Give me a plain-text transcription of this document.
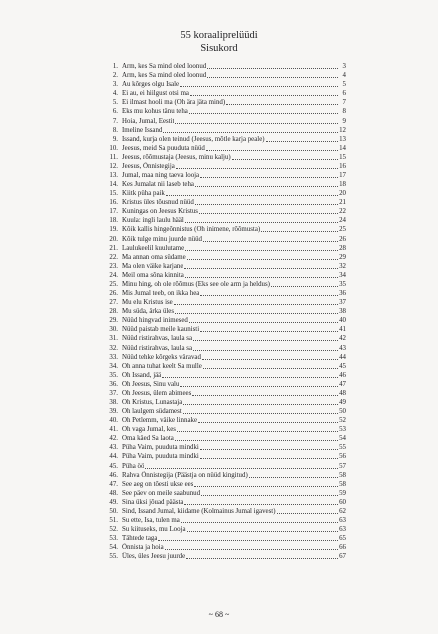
55 koraaliprelüüdi
Sisukord
1. Arm, kes Sa mind oled loonud	3
2. Arm, kes Sa mind oled loonud	4
3. Au kõrges olgu Isale	5
4. Ei au, ei hiilgust otsi ma	6
5. Ei ilmast hooli ma (Oh ära jäta mind)	7
6. Eks mu kohus tänu teha	8
7. Hoia, Jumal, Eestit	9
8. Imeline Issand	12
9. Issand, kurja olen teinud (Jeesus, mõtle karja peale)	13
10. Jeesus, meid Sa puuduta nüüd	14
11. Jeesus, rõõmustaja (Jeesus, minu kalju)	15
12. Jeesus, Õnnistegija	16
13. Jumal, maa ning taeva looja	17
14. Kes Jumalat nii laseb teha	18
15. Kiitk püha paik	20
16. Kristus üles tõusnud nüüd	21
17. Kuningas on Jeesus Kristus	22
18. Kuula: ingli laulu hääl	24
19. Kõik kallis hingeõnnistus (Oh inimene, rõõmusta)	25
20. Kõik tulge minu juurde nüüd	26
21. Laulukeelil kuulutame	28
22. Ma annan oma südame	29
23. Ma olen väike karjane	32
24. Meil oma sõna kinnita	34
25. Minu hing, oh ole rõõmus (Eks see ole arm ja heldus)	35
26. Mis Jumal teeb, on ikka hea	36
27. Mu elu Kristus ise	37
28. Mu süda, ärka üles	38
29. Nüüd hingvad inimesed	40
30. Nüüd paistab meile kaunisti	41
31. Nüüd ristirahvas, laula sa	42
32. Nüüd ristirahvas, laula sa	43
33. Nüüd tehke kõrgeks väravad	44
34. Oh anna tuhat keelt Sa mulle	45
35. Oh Issand, jää	46
36. Oh Jeesus, Sinu valu	47
37. Oh Jeesus, ülem abimees	48
38. Oh Kristus, Lunastaja	49
39. Oh laulgem südamest	50
40. Oh Petlemm, väike linnake	52
41. Oh vaga Jumal, kes	53
42. Oma käed Sa laota	54
43. Püha Vaim, puuduta mindki	55
44. Püha Vaim, puuduta mindki	56
45. Püha öö	57
46. Rahva Õnnistegija (Päästja on nüüd kingitud)	58
47. See aeg on tõesti ukse ees	58
48. See päev on meile saabunud	59
49. Sina üksi jõuad päästa	60
50. Sind, Issand Jumal, kiidame (Kolmainus Jumal igavest)	62
51. Su ette, Isa, tulen ma	63
52. Su kiituseks, mu Looja	63
53. Tähtede taga	65
54. Õnnista ja hoia	66
55. Üles, üles Jeesu juurde	67
~ 68 ~
